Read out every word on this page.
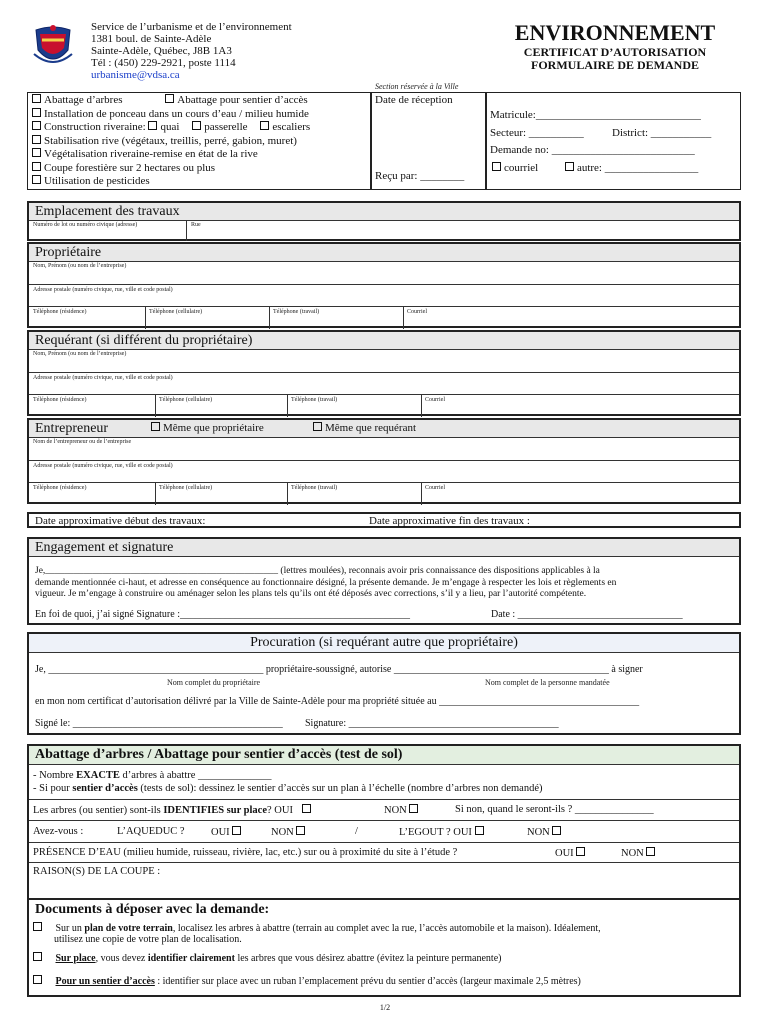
Service de l’urbanisme et de l’environnement
1381 boul. de Sainte-Adèle
Sainte-Adèle, Québec, J8B 1A3
Tél : (450) 229-2921, poste 1114
urbanisme@vdsa.ca
ENVIRONNEMENT
CERTIFICAT D’AUTORISATION
FORMULAIRE DE DEMANDE
Section réservée à la Ville
Abattage d’arbres	Abattage pour sentier d’accès
Installation de ponceau dans un cours d’eau / milieu humide
Construction riveraine: quai passerelle escaliers
Stabilisation rive (végétaux, treillis, perré, gabion, muret)
Végétalisation riveraine-remise en état de la rive
Coupe forestière sur 2 hectares ou plus
Utilisation de pesticides
Date de réception
Reçu par: ________
Matricule:______________________________
Secteur: __________	District: ___________
Demande no: __________________________
courriel	autre: _________________
Emplacement des travaux
Numéro de lot ou numéro civique (adresse)	Rue
Propriétaire
Nom, Prénom (ou nom de l’entreprise)
Adresse postale (numéro civique, rue, ville et code postal)
Téléphone (résidence)	Téléphone (cellulaire)	Téléphone (travail)	Courriel
Requérant (si différent du propriétaire)
Nom, Prénom (ou nom de l’entreprise)
Adresse postale (numéro civique, rue, ville et code postal)
Téléphone (résidence)	Téléphone (cellulaire)	Téléphone (travail)	Courriel
Entrepreneur	Même que propriétaire	Même que requérant
Nom de l’entrepreneur ou de l’entreprise
Adresse postale (numéro civique, rue, ville et code postal)
Téléphone (résidence)	Téléphone (cellulaire)	Téléphone (travail)	Courriel
Date approximative début des travaux:	Date approximative fin des travaux :
Engagement et signature
Je,_________________________________________________ (lettres moulées), reconnais avoir pris connaissance des dispositions applicables à la
demande mentionnée ci-haut, et adresse en conséquence au fonctionnaire désigné, la présente demande. Je m’engage à respecter les lois et règlements en
vigueur. Je m’engage à construire ou aménager selon les plans tels qu’ils ont été déposés avec corrections, s’il y a lieu, par l’autorité compétente.
En foi de quoi, j’ai signé Signature :______________________________________________	Date : _________________________________
Procuration (si requérant autre que propriétaire)
Je, ___________________________________________ propriétaire-soussigné, autorise ___________________________________________ à signer
Nom complet du propriétaire	Nom complet de la personne mandatée
en mon nom certificat d’autorisation délivré par la Ville de Sainte-Adèle pour ma propriété située au ________________________________________
Signé le: __________________________________________ Signature: __________________________________________
Abattage d’arbres / Abattage pour sentier d’accès (test de sol)
- Nombre EXACTE d’arbres à abattre ______________
- Si pour sentier d’accès (tests de sol): dessinez le sentier d’accès sur un plan à l’échelle (nombre d’arbres non demandé)
Les arbres (ou sentier) sont-ils IDENTIFIES sur place? OUI	NON	Si non, quand le seront-ils ? _______________
Avez-vous :	L’AQUEDUC ?	OUI	NON	/	L’EGOUT ? OUI	NON
PRÉSENCE D’EAU (milieu humide, ruisseau, rivière, lac, etc.) sur ou à proximité du site à l’étude ?	OUI	NON
RAISON(S) DE LA COUPE :
Documents à déposer avec la demande:
Sur un plan de votre terrain, localisez les arbres à abattre (terrain au complet avec la rue, l’accès automobile et la maison). Idéalement,
utilisez une copie de votre plan de localisation.
Sur place, vous devez identifier clairement les arbres que vous désirez abattre (évitez la peinture permanente)
Pour un sentier d’accès : identifier sur place avec un ruban l’emplacement prévu du sentier d’accès (largeur maximale 2,5 mètres)
1/2
